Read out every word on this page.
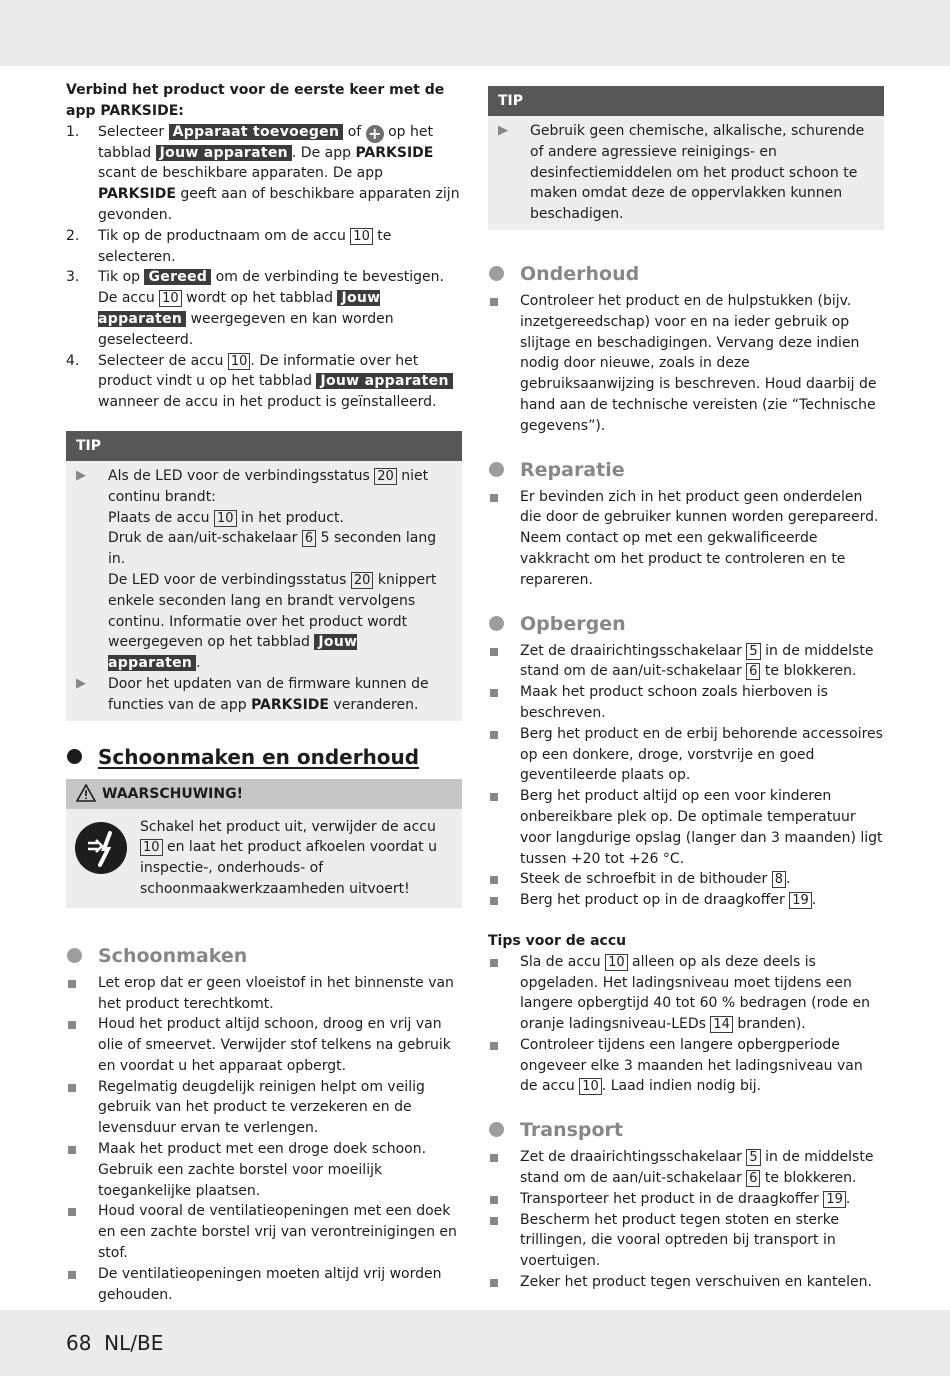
Verbind het product voor de eerste keer met de app PARKSIDE:

1. Selecteer Apparaat toevoegen of + op het tabblad Jouw apparaten . De app PARKSIDE scant de beschikbare apparaten. De app PARKSIDE geeft aan of beschikbare apparaten zijn gevonden.
2. Tik op de productnaam om de accu 10 te selecteren.
3. Tik op Gereed om de verbinding te bevestigen. De accu 10 wordt op het tabblad Jouw apparaten weergegeven en kan worden geselecteerd.
4. Selecteer de accu 10 . De informatie over het product vindt u op het tabblad Jouw apparaten wanneer de accu in het product is geïnstalleerd.
TIP
▶ Als de LED voor de verbindingsstatus 20 niet continu brandt:
Plaats de accu 10 in het product.
Druk de aan/uit-schakelaar 6 5 seconden lang in.
De LED voor de verbindingsstatus 20 knippert enkele seconden lang en brandt vervolgens continu. Informatie over het product wordt weergegeven op het tabblad Jouw apparaten .
▶ Door het updaten van de firmware kunnen de functies van de app PARKSIDE veranderen.
Schoonmaken en onderhoud
WAARSCHUWING!
Schakel het product uit, verwijder de accu 10 en laat het product afkoelen voordat u inspectie-, onderhouds- of schoonmaakwerkzaamheden uitvoert!
Schoonmaken
Let erop dat er geen vloeistof in het binnenste van het product terechtkomt.
Houd het product altijd schoon, droog en vrij van olie of smeervet. Verwijder stof telkens na gebruik en voordat u het apparaat opbergt.
Regelmatig deugdelijk reinigen helpt om veilig gebruik van het product te verzekeren en de levensduur ervan te verlengen.
Maak het product met een droge doek schoon. Gebruik een zachte borstel voor moeilijk toegankelijke plaatsen.
Houd vooral de ventilatieopeningen met een doek en een zachte borstel vrij van verontreinigingen en stof.
De ventilatieopeningen moeten altijd vrij worden gehouden.
TIP
▶ Gebruik geen chemische, alkalische, schurende of andere agressieve reinigings- en desinfectiemiddelen om het product schoon te maken omdat deze de oppervlakken kunnen beschadigen.
Onderhoud
Controleer het product en de hulpstukken (bijv. inzetgereedschap) voor en na ieder gebruik op slijtage en beschadigingen. Vervang deze indien nodig door nieuwe, zoals in deze gebruiksaanwijzing is beschreven. Houd daarbij de hand aan de technische vereisten (zie “Technische gegevens”).
Reparatie
Er bevinden zich in het product geen onderdelen die door de gebruiker kunnen worden gerepareerd. Neem contact op met een gekwalificeerde vakkracht om het product te controleren en te repareren.
Opbergen
Zet de draairichtingsschakelaar 5 in de middelste stand om de aan/uit-schakelaar 6 te blokkeren.
Maak het product schoon zoals hierboven is beschreven.
Berg het product en de erbij behorende accessoires op een donkere, droge, vorstvrije en goed geventileerde plaats op.
Berg het product altijd op een voor kinderen onbereikbare plek op. De optimale temperatuur voor langdurige opslag (langer dan 3 maanden) ligt tussen +20 tot +26 °C.
Steek de schroefbit in de bithouder 8 .
Berg het product op in de draagkoffer 19 .

Tips voor de accu

Sla de accu 10 alleen op als deze deels is opgeladen. Het ladingsniveau moet tijdens een langere opbergtijd 40 tot 60 % bedragen (rode en oranje ladingsniveau-LEDs 14 branden).
Controleer tijdens een langere opbergperiode ongeveer elke 3 maanden het ladingsniveau van de accu 10 . Laad indien nodig bij.
Transport
Zet de draairichtingsschakelaar 5 in de middelste stand om de aan/uit-schakelaar 6 te blokkeren.
Transporteer het product in de draagkoffer 19 .
Bescherm het product tegen stoten en sterke trillingen, die vooral optreden bij transport in voertuigen.
Zeker het product tegen verschuiven en kantelen.
68 NL/BE
